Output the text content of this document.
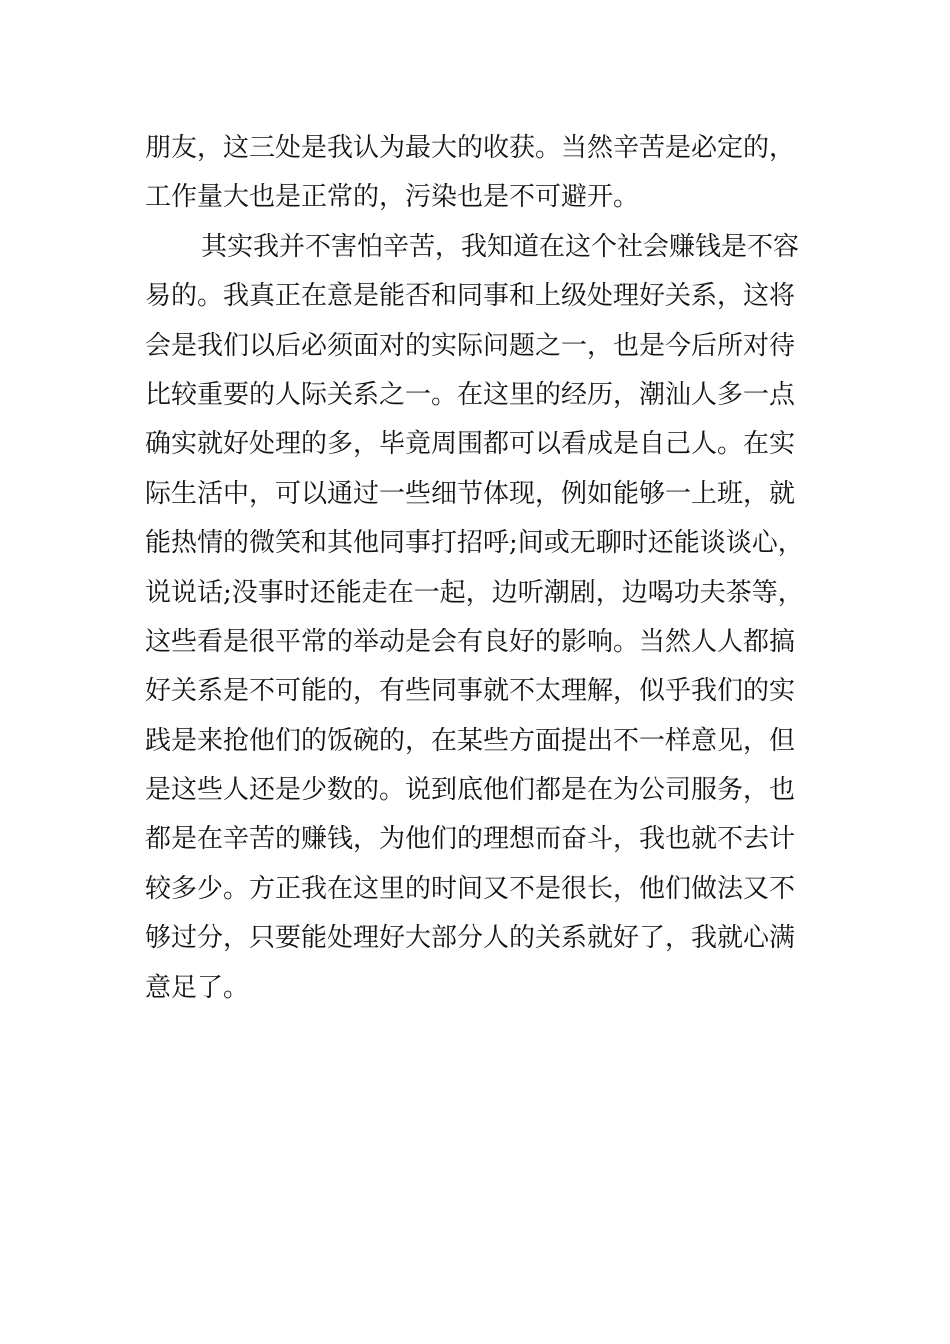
朋友，这三处是我认为最大的收获。当然辛苦是必定的，
工作量大也是正常的，污染也是不可避开。
其实我并不害怕辛苦，我知道在这个社会赚钱是不容
易的。我真正在意是能否和同事和上级处理好关系，这将
会是我们以后必须面对的实际问题之一，也是今后所对待
比较重要的人际关系之一。在这里的经历，潮汕人多一点
确实就好处理的多，毕竟周围都可以看成是自己人。在实
际生活中，可以通过一些细节体现，例如能够一上班，就
能热情的微笑和其他同事打招呼;间或无聊时还能谈谈心，
说说话;没事时还能走在一起，边听潮剧，边喝功夫茶等，
这些看是很平常的举动是会有良好的影响。当然人人都搞
好关系是不可能的，有些同事就不太理解，似乎我们的实
践是来抢他们的饭碗的，在某些方面提出不一样意见，但
是这些人还是少数的。说到底他们都是在为公司服务，也
都是在辛苦的赚钱，为他们的理想而奋斗，我也就不去计
较多少。方正我在这里的时间又不是很长，他们做法又不
够过分，只要能处理好大部分人的关系就好了，我就心满
意足了。
